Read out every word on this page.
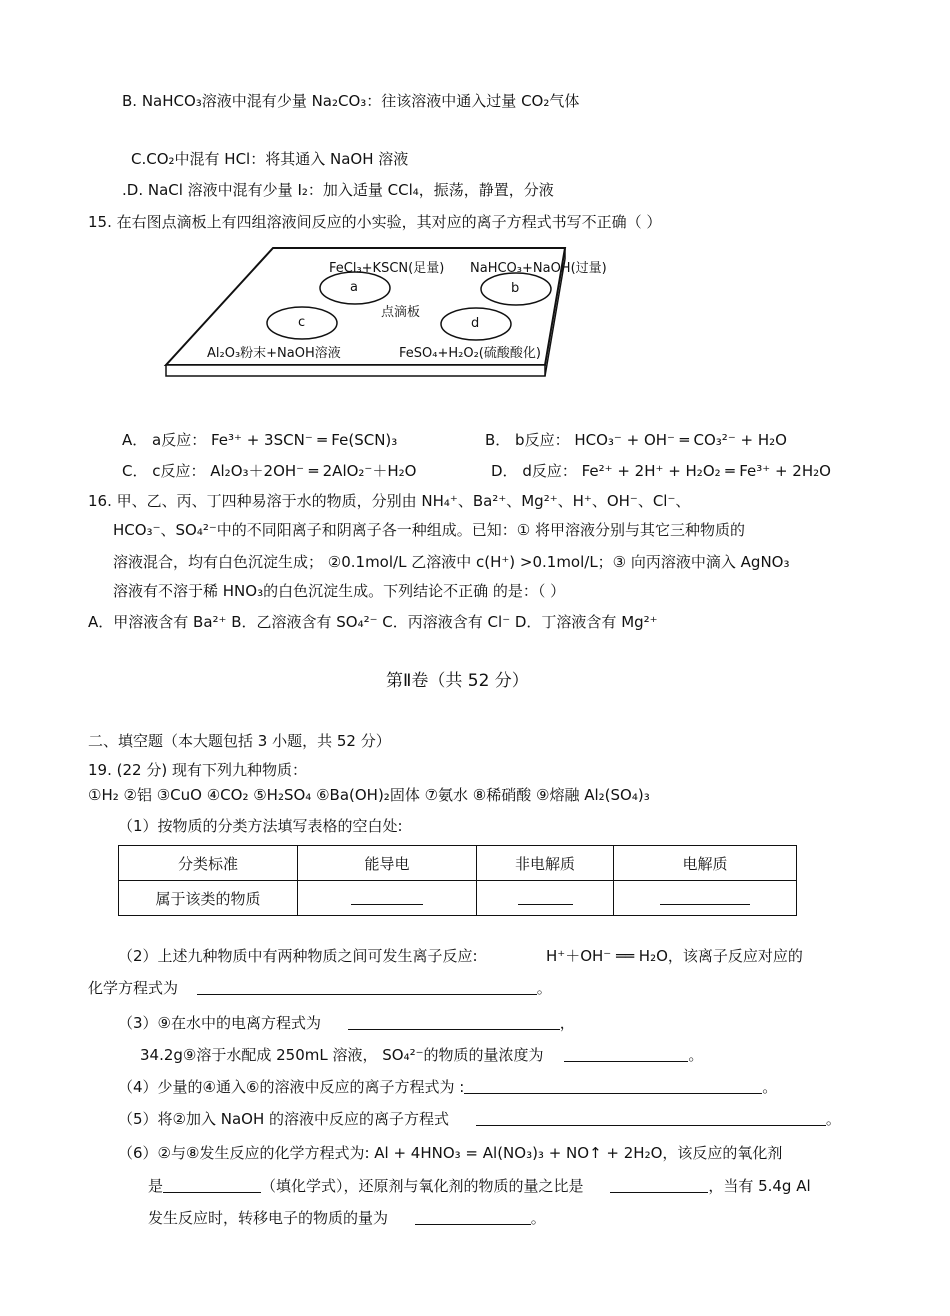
B. NaHCO₃溶液中混有少量 Na₂CO₃：往该溶液中通入过量 CO₂气体
C.CO₂中混有 HCl：将其通入 NaOH 溶液
.D. NaCl 溶液中混有少量 I₂：加入适量 CCl₄，振荡，静置，分液
15. 在右图点滴板上有四组溶液间反应的小实验，其对应的离子方程式书写不正确（ ）
FeCl₃+KSCN(足量) NaHCO₃+NaOH(过量)
点滴板
Al₂O₃粉末+NaOH溶液	FeSO₄+H₂O₂(硫酸酸化)
a	b
c	d
A． a反应： Fe³⁺ + 3SCN⁻ ═ Fe(SCN)₃	B． b反应： HCO₃⁻ + OH⁻ ═ CO₃²⁻ + H₂O
C． c反应： Al₂O₃＋2OH⁻ ═ 2AlO₂⁻＋H₂O	D． d反应： Fe²⁺ + 2H⁺ + H₂O₂ ═ Fe³⁺ + 2H₂O
16. 甲、乙、丙、丁四种易溶于水的物质，分别由 NH₄⁺、Ba²⁺、Mg²⁺、H⁺、OH⁻、Cl⁻、
HCO₃⁻、SO₄²⁻中的不同阳离子和阴离子各一种组成。已知：① 将甲溶液分别与其它三种物质的
溶液混合，均有白色沉淀生成； ②0.1mol/L 乙溶液中 c(H⁺) >0.1mol/L；③ 向丙溶液中滴入 AgNO₃
溶液有不溶于稀 HNO₃的白色沉淀生成。下列结论不正确 的是：（ ）
A．甲溶液含有 Ba²⁺ B．乙溶液含有 SO₄²⁻ C．丙溶液含有 Cl⁻ D．丁溶液含有 Mg²⁺
第Ⅱ卷（共 52 分）
二、填空题（本大题包括 3 小题，共 52 分）
19. (22 分) 现有下列九种物质：
①H₂ ②铝 ③CuO ④CO₂ ⑤H₂SO₄ ⑥Ba(OH)₂固体 ⑦氨水 ⑧稀硝酸 ⑨熔融 Al₂(SO₄)₃
（1）按物质的分类方法填写表格的空白处:
分类标准	能导电	非电解质	电解质
属于该类的物质			
（2）上述九种物质中有两种物质之间可发生离子反应:	H⁺＋OH⁻ ══ H₂O，该离子反应对应的
化学方程式为	。
（3）⑨在水中的电离方程式为	，
34.2g⑨溶于水配成 250mL 溶液， SO₄²⁻的物质的量浓度为	。
（4）少量的④通入⑥的溶液中反应的离子方程式为 :	。
（5）将②加入 NaOH 的溶液中反应的离子方程式	。
（6）②与⑧发生反应的化学方程式为: Al + 4HNO₃ = Al(NO₃)₃ + NO↑ + 2H₂O，该反应的氧化剂
是	（填化学式），还原剂与氧化剂的物质的量之比是	，当有 5.4g Al
发生反应时，转移电子的物质的量为	。
